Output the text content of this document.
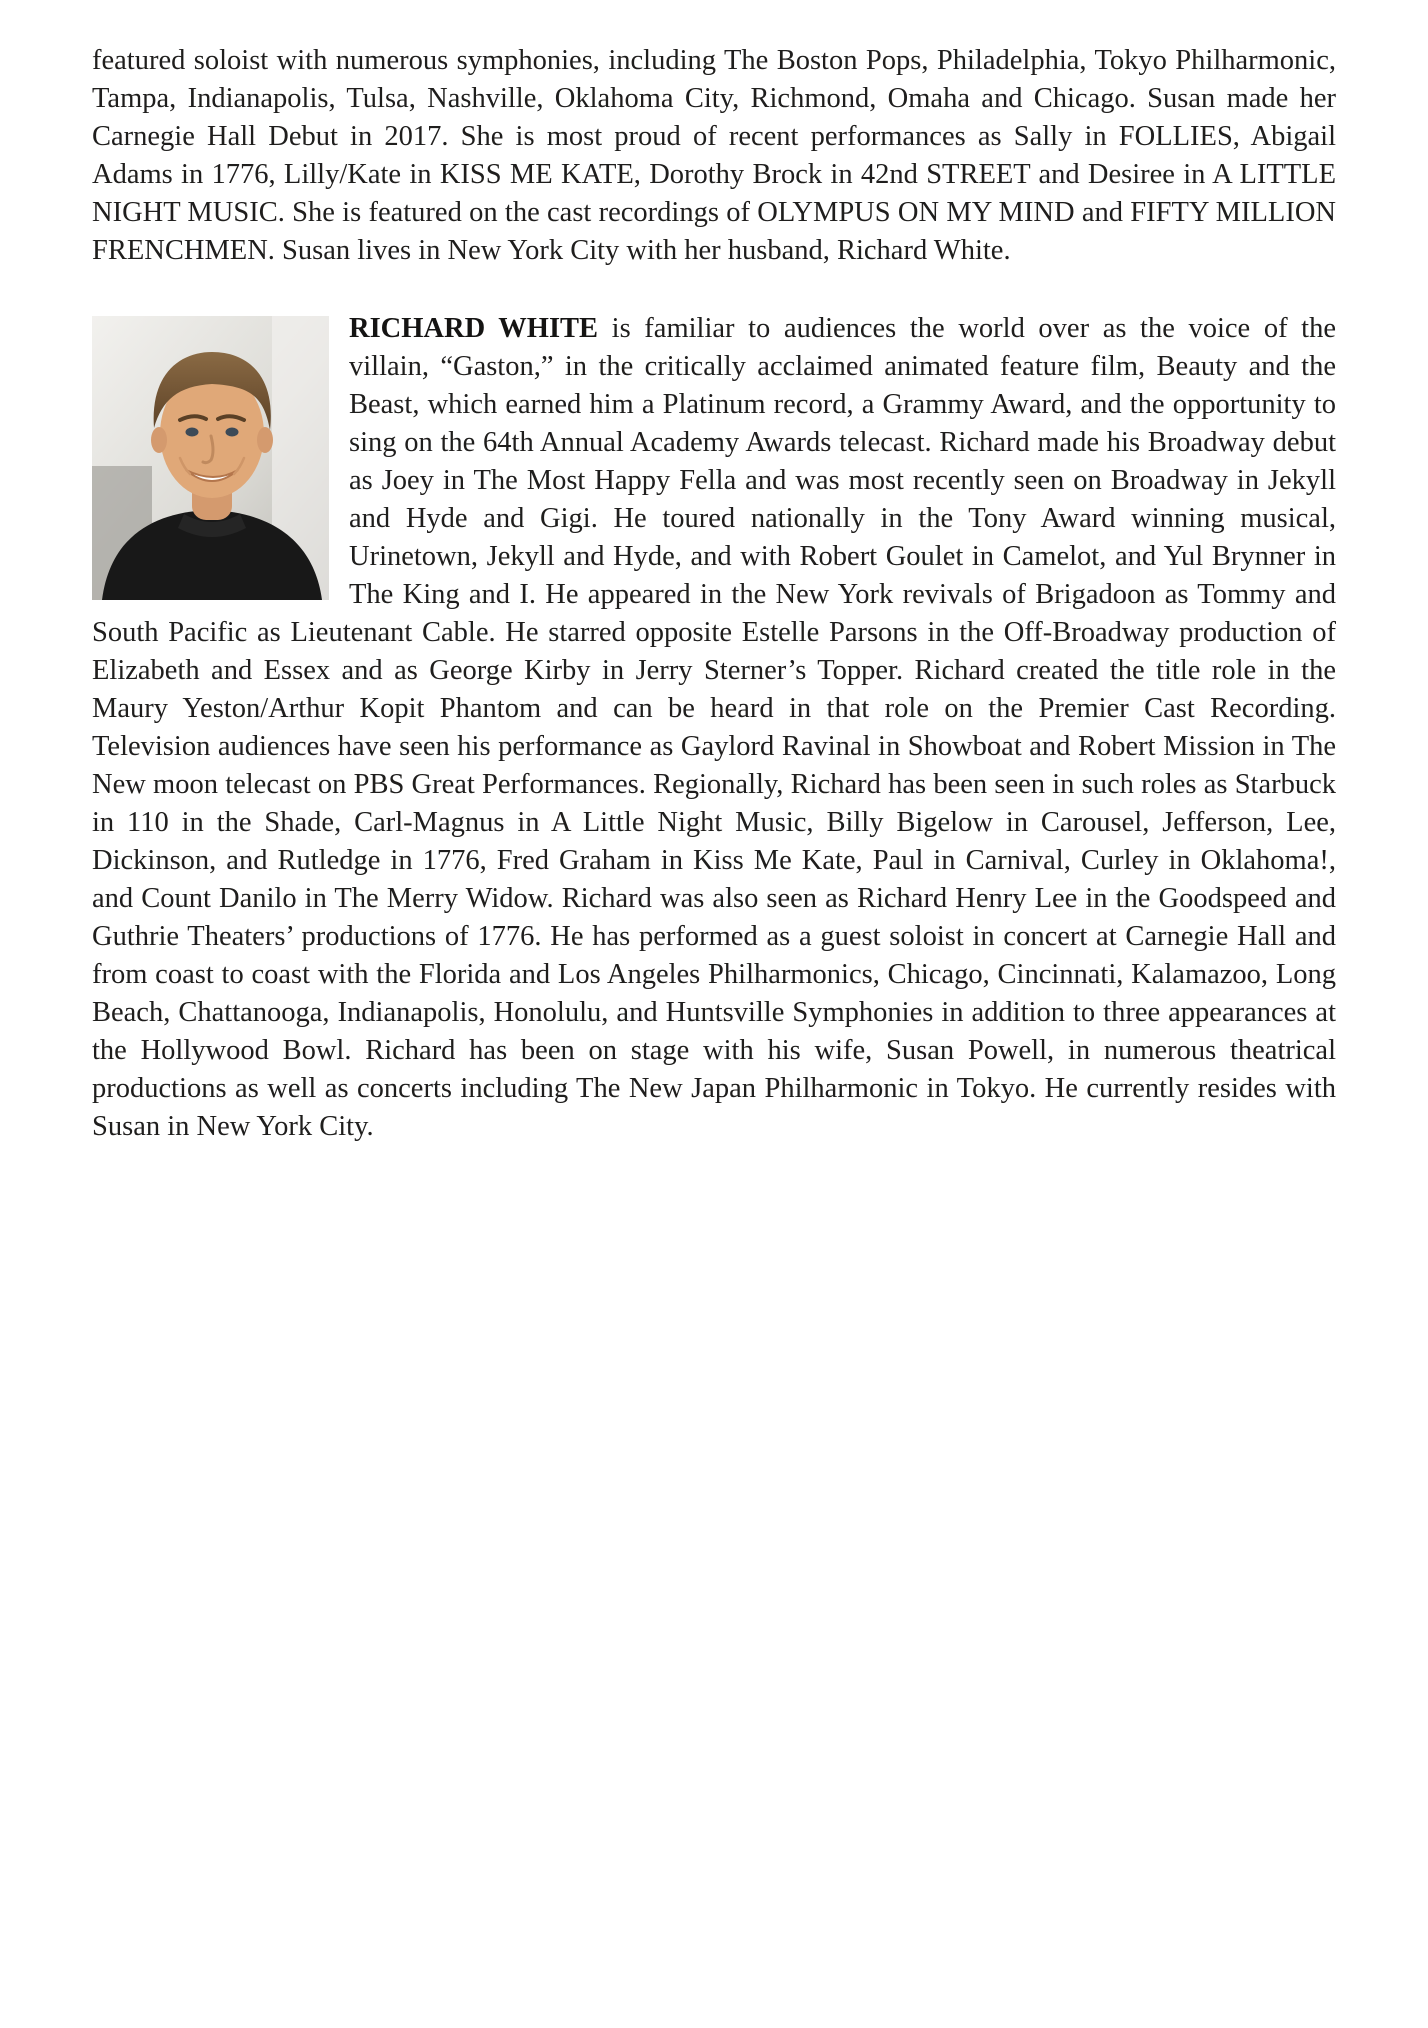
featured soloist with numerous symphonies, including The Boston Pops, Philadelphia, Tokyo Philharmonic, Tampa, Indianapolis, Tulsa, Nashville, Oklahoma City, Richmond, Omaha and Chicago. Susan made her Carnegie Hall Debut in 2017. She is most proud of recent performances as Sally in FOLLIES, Abigail Adams in 1776, Lilly/Kate in KISS ME KATE, Dorothy Brock in 42nd STREET and Desiree in A LITTLE NIGHT MUSIC. She is featured on the cast recordings of OLYMPUS ON MY MIND and FIFTY MILLION FRENCHMEN. Susan lives in New York City with her husband, Richard White.

RICHARD WHITE is familiar to audiences the world over as the voice of the villain, “Gaston,” in the critically acclaimed animated feature film, Beauty and the Beast, which earned him a Platinum record, a Grammy Award, and the opportunity to sing on the 64th Annual Academy Awards telecast. Richard made his Broadway debut as Joey in The Most Happy Fella and was most recently seen on Broadway in Jekyll and Hyde and Gigi. He toured nationally in the Tony Award winning musical, Urinetown, Jekyll and Hyde, and with Robert Goulet in Camelot, and Yul Brynner in The King and I. He appeared in the New York revivals of Brigadoon as Tommy and South Pacific as Lieutenant Cable. He starred opposite Estelle Parsons in the Off-Broadway production of Elizabeth and Essex and as George Kirby in Jerry Sterner’s Topper. Richard created the title role in the Maury Yeston/Arthur Kopit Phantom and can be heard in that role on the Premier Cast Recording. Television audiences have seen his performance as Gaylord Ravinal in Showboat and Robert Mission in The New moon telecast on PBS Great Performances. Regionally, Richard has been seen in such roles as Starbuck in 110 in the Shade, Carl-Magnus in A Little Night Music, Billy Bigelow in Carousel, Jefferson, Lee, Dickinson, and Rutledge in 1776, Fred Graham in Kiss Me Kate, Paul in Carnival, Curley in Oklahoma!, and Count Danilo in The Merry Widow. Richard was also seen as Richard Henry Lee in the Goodspeed and Guthrie Theaters’ productions of 1776. He has performed as a guest soloist in concert at Carnegie Hall and from coast to coast with the Florida and Los Angeles Philharmonics, Chicago, Cincinnati, Kalamazoo, Long Beach, Chattanooga, Indianapolis, Honolulu, and Huntsville Symphonies in addition to three appearances at the Hollywood Bowl. Richard has been on stage with his wife, Susan Powell, in numerous theatrical productions as well as concerts including The New Japan Philharmonic in Tokyo. He currently resides with Susan in New York City.
